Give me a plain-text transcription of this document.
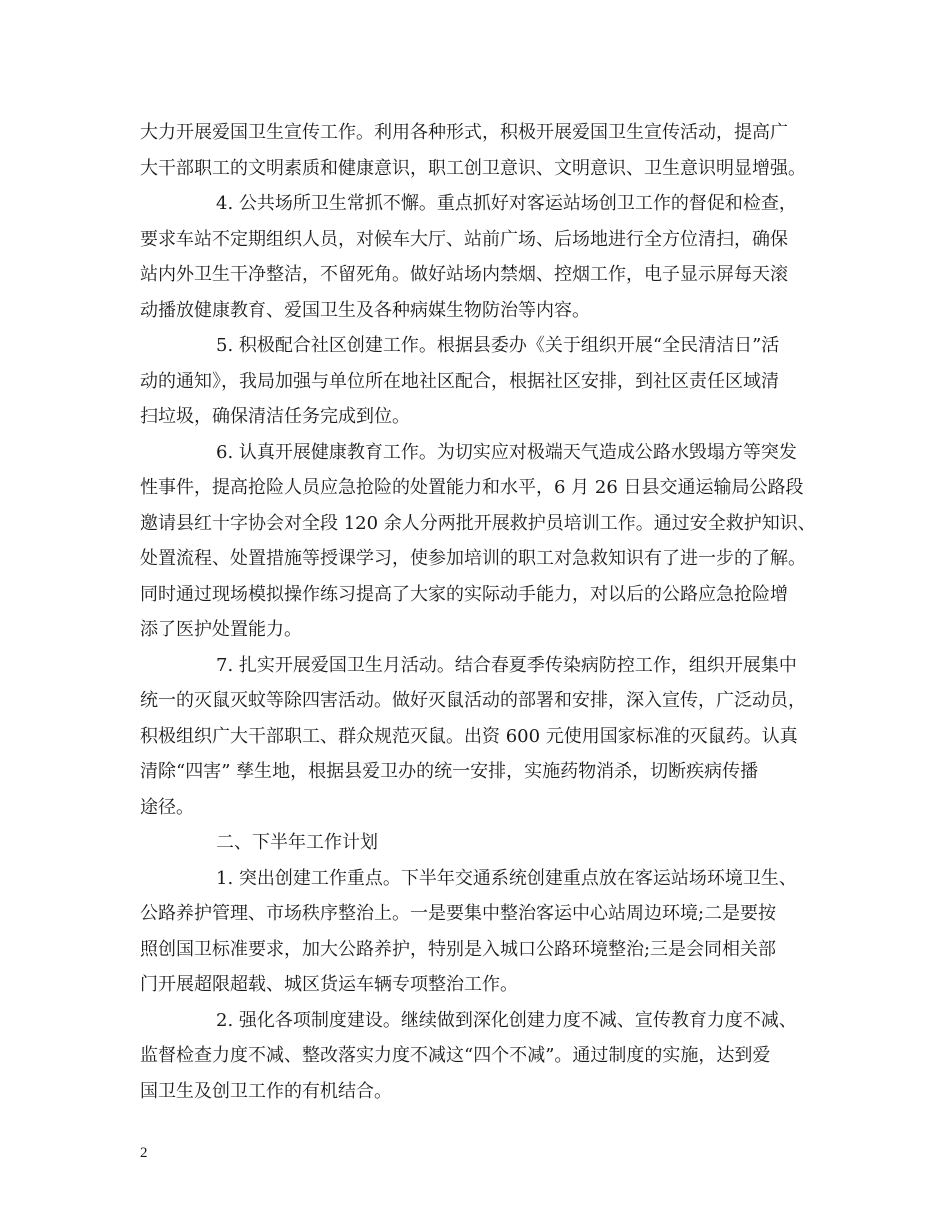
大力开展爱国卫生宣传工作。利用各种形式，积极开展爱国卫生宣传活动，提高广
大干部职工的文明素质和健康意识，职工创卫意识、文明意识、卫生意识明显增强。
4. 公共场所卫生常抓不懈。重点抓好对客运站场创卫工作的督促和检查，
要求车站不定期组织人员，对候车大厅、站前广场、后场地进行全方位清扫，确保
站内外卫生干净整洁，不留死角。做好站场内禁烟、控烟工作，电子显示屏每天滚
动播放健康教育、爱国卫生及各种病媒生物防治等内容。
5. 积极配合社区创建工作。根据县委办《关于组织开展“全民清洁日”活
动的通知》，我局加强与单位所在地社区配合，根据社区安排，到社区责任区域清
扫垃圾，确保清洁任务完成到位。
6. 认真开展健康教育工作。为切实应对极端天气造成公路水毁塌方等突发
性事件，提高抢险人员应急抢险的处置能力和水平，6 月 26 日县交通运输局公路段
邀请县红十字协会对全段 120 余人分两批开展救护员培训工作。通过安全救护知识、
处置流程、处置措施等授课学习，使参加培训的职工对急救知识有了进一步的了解。
同时通过现场模拟操作练习提高了大家的实际动手能力，对以后的公路应急抢险增
添了医护处置能力。
7. 扎实开展爱国卫生月活动。结合春夏季传染病防控工作，组织开展集中
统一的灭鼠灭蚊等除四害活动。做好灭鼠活动的部署和安排，深入宣传，广泛动员，
积极组织广大干部职工、群众规范灭鼠。出资 600 元使用国家标准的灭鼠药。认真
清除“四害” 孳生地，根据县爱卫办的统一安排，实施药物消杀，切断疾病传播
途径。
二、下半年工作计划
1. 突出创建工作重点。下半年交通系统创建重点放在客运站场环境卫生、
公路养护管理、市场秩序整治上。一是要集中整治客运中心站周边环境;二是要按
照创国卫标准要求，加大公路养护，特别是入城口公路环境整治;三是会同相关部
门开展超限超载、城区货运车辆专项整治工作。
2. 强化各项制度建设。继续做到深化创建力度不减、宣传教育力度不减、
监督检查力度不减、整改落实力度不减这“四个不减”。通过制度的实施，达到爱
国卫生及创卫工作的有机结合。
2
